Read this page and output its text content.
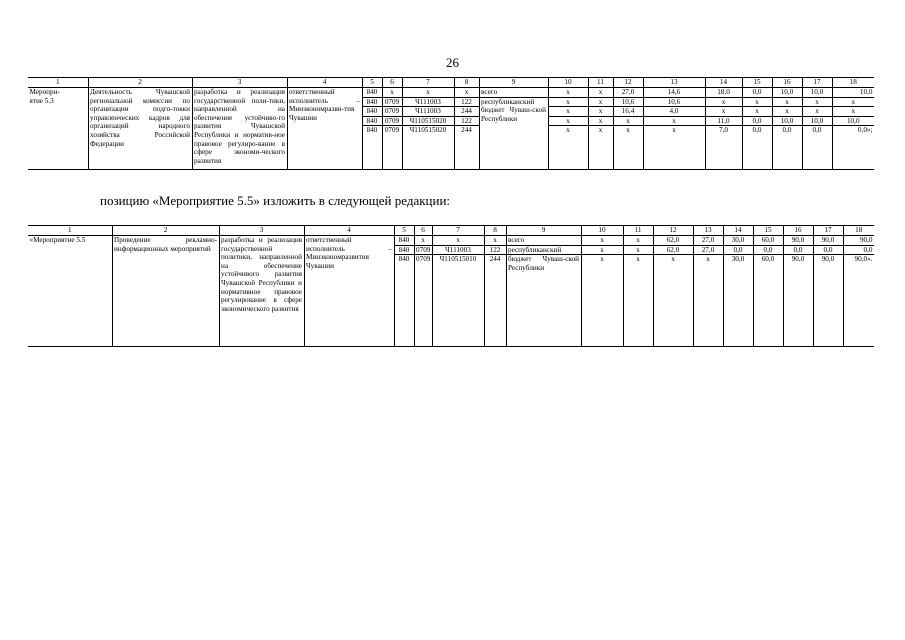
26
1	2	3	4	5	6	7	8	9	10	11	12	13	14	15	16	17	18
Меропри-
ятие 5.3	Деятельность Чувашской региональной комиссии по организации подго-товки управленческих кадров для организаций народного хозяйства Российской Федерации	разработка и реализация государственной поли-тики, направленной на обеспечение устойчиво-го развития Чувашской Республики и норматив-ное правовое регулиро-вание в сфере экономи-ческого развития	ответственный исполнитель – Минэкономразви-тия Чувашии	840	x	x	x	всего	x	x	27,0	14,6	18,0	0,0	10,0	10,0	10,0
				840	0709	Ч111003	122	республиканский бюджет Чуваш-ской Республики	x	x	10,6	10,6	x	x	x	x	x
				840	0709	Ч111003	244		x	x	16,4	4,0	x	x	x	x	x
				840	0709	Ч110515020	122		x	x	x	x	11,0	0,0	10,0	10,0	10,0
				840	0709	Ч110515020	244		x	x	x	x	7,0	0,0	0,0	0,0	0,0»;
позицию «Мероприятие 5.5» изложить в следующей редакции:
1	2	3	4	5	6	7	8	9	10	11	12	13	14	15	16	17	18
«Мероприятие 5.5	Проведение рекламно-информационных мероприятий	разработка и реализация государственной политики, направленной на обеспечение устойчивого развития Чувашской Республики и нормативное правовое регулирование в сфере экономического развития	ответственный исполнитель – Минэкономразвития Чувашии	840	x	x	x	всего	x	x	62,0	27,0	30,0	60,0	90,0	90,0	90,0
				840	0709	Ч111003	122	республиканский	x	x	62,0	27,0	0,0	0,0	0,0	0,0	0,0
				840	0709	Ч110515010	244	бюджет Чуваш-ской Республики	x	x	x	x	30,0	60,0	90,0	90,0	90,0».
